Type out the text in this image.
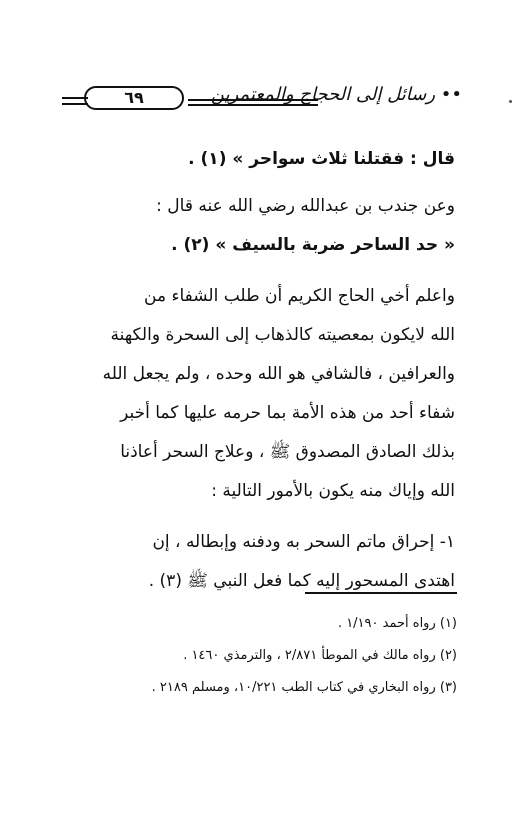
•• رسائل إلى الحجاج والمعتمرين
٦٩

قال : فقتلنا ثلاث سواحر » (١) .

وعن جندب بن عبدالله رضي الله عنه قال :
« حد الساحر ضربة بالسيف » (٢) .

واعلم أخي الحاج الكريم أن طلب الشفاء من
الله لايكون بمعصيته كالذهاب إلى السحرة والكهنة
والعرافين ، فالشافي هو الله وحده ، ولم يجعل الله
شفاء أحد من هذه الأمة بما حرمه عليها كما أخبر
بذلك الصادق المصدوق ﷺ ، وعلاج السحر أعاذنا
الله وإياك منه يكون بالأمور التالية :

١- إحراق ماتم السحر به ودفنه وإبطاله ، إن
اهتدى المسحور إليه كما فعل النبي ﷺ (٣) .

(١) رواه أحمد ١/١٩٠ .
(٢) رواه مالك في الموطأ ٢/٨٧١ ، والترمذي ١٤٦٠ .
(٣) رواه البخاري في كتاب الطب ١٠/٢٢١، ومسلم ٢١٨٩ .
